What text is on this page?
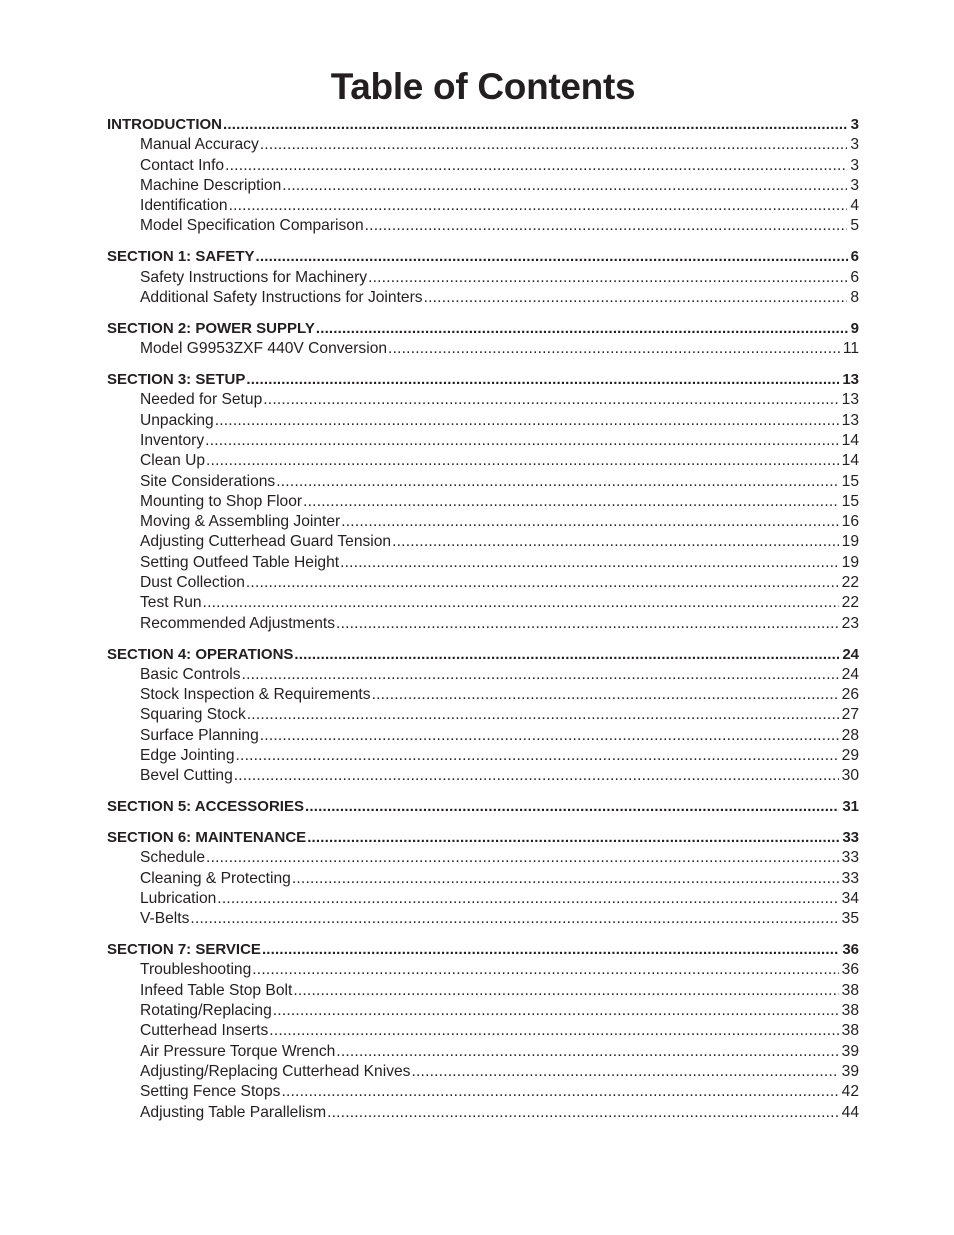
Table of Contents
INTRODUCTION .....	3
Manual Accuracy .....	3
Contact Info .....	3
Machine Description .....	3
Identification .....	4
Model Specification Comparison .....	5
SECTION 1: SAFETY .....	6
Safety Instructions for Machinery .....	6
Additional Safety Instructions for Jointers .....	8
SECTION 2: POWER SUPPLY .....	9
Model G9953ZXF 440V Conversion .....	11
SECTION 3: SETUP .....	13
Needed for Setup .....	13
Unpacking .....	13
Inventory .....	14
Clean Up .....	14
Site Considerations .....	15
Mounting to Shop Floor .....	15
Moving & Assembling Jointer .....	16
Adjusting Cutterhead Guard Tension .....	19
Setting Outfeed Table Height .....	19
Dust Collection .....	22
Test Run .....	22
Recommended Adjustments .....	23
SECTION 4: OPERATIONS .....	24
Basic Controls .....	24
Stock Inspection & Requirements .....	26
Squaring Stock .....	27
Surface Planning .....	28
Edge Jointing .....	29
Bevel Cutting .....	30
SECTION 5: ACCESSORIES .....	31
SECTION 6: MAINTENANCE .....	33
Schedule .....	33
Cleaning & Protecting .....	33
Lubrication .....	34
V-Belts .....	35
SECTION 7: SERVICE .....	36
Troubleshooting .....	36
Infeed Table Stop Bolt .....	38
Rotating/Replacing .....	38
Cutterhead Inserts .....	38
Air Pressure Torque Wrench .....	39
Adjusting/Replacing Cutterhead Knives .....	39
Setting Fence Stops .....	42
Adjusting Table Parallelism .....	44
